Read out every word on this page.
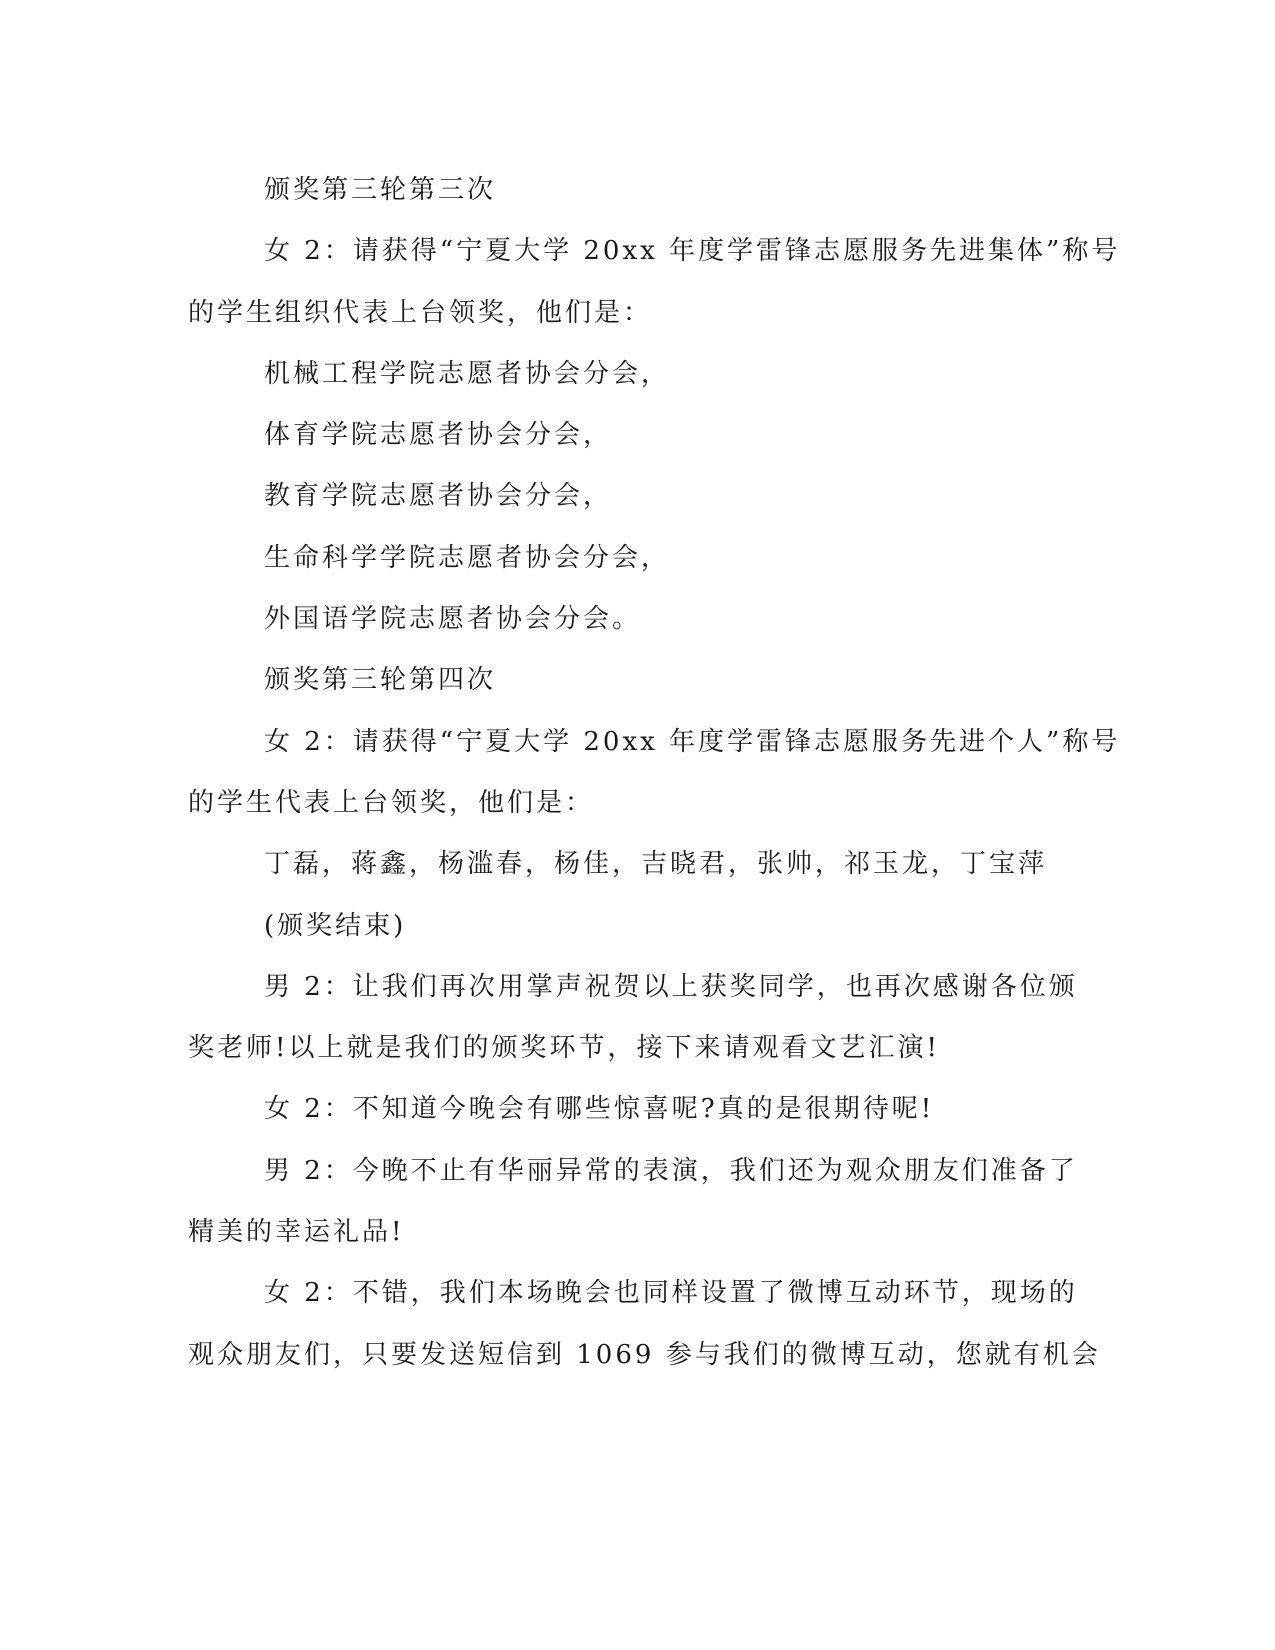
颁奖第三轮第三次
女 2：请获得“宁夏大学 20xx 年度学雷锋志愿服务先进集体”称号
的学生组织代表上台领奖，他们是：
机械工程学院志愿者协会分会，
体育学院志愿者协会分会，
教育学院志愿者协会分会，
生命科学学院志愿者协会分会，
外国语学院志愿者协会分会。
颁奖第三轮第四次
女 2：请获得“宁夏大学 20xx 年度学雷锋志愿服务先进个人”称号
的学生代表上台领奖，他们是：
丁磊，蒋鑫，杨滥春，杨佳，吉晓君，张帅，祁玉龙，丁宝萍
(颁奖结束)
男 2：让我们再次用掌声祝贺以上获奖同学，也再次感谢各位颁
奖老师!以上就是我们的颁奖环节，接下来请观看文艺汇演!
女 2：不知道今晚会有哪些惊喜呢?真的是很期待呢!
男 2：今晚不止有华丽异常的表演，我们还为观众朋友们准备了
精美的幸运礼品!
女 2：不错，我们本场晚会也同样设置了微博互动环节，现场的
观众朋友们，只要发送短信到 1069 参与我们的微博互动，您就有机会
